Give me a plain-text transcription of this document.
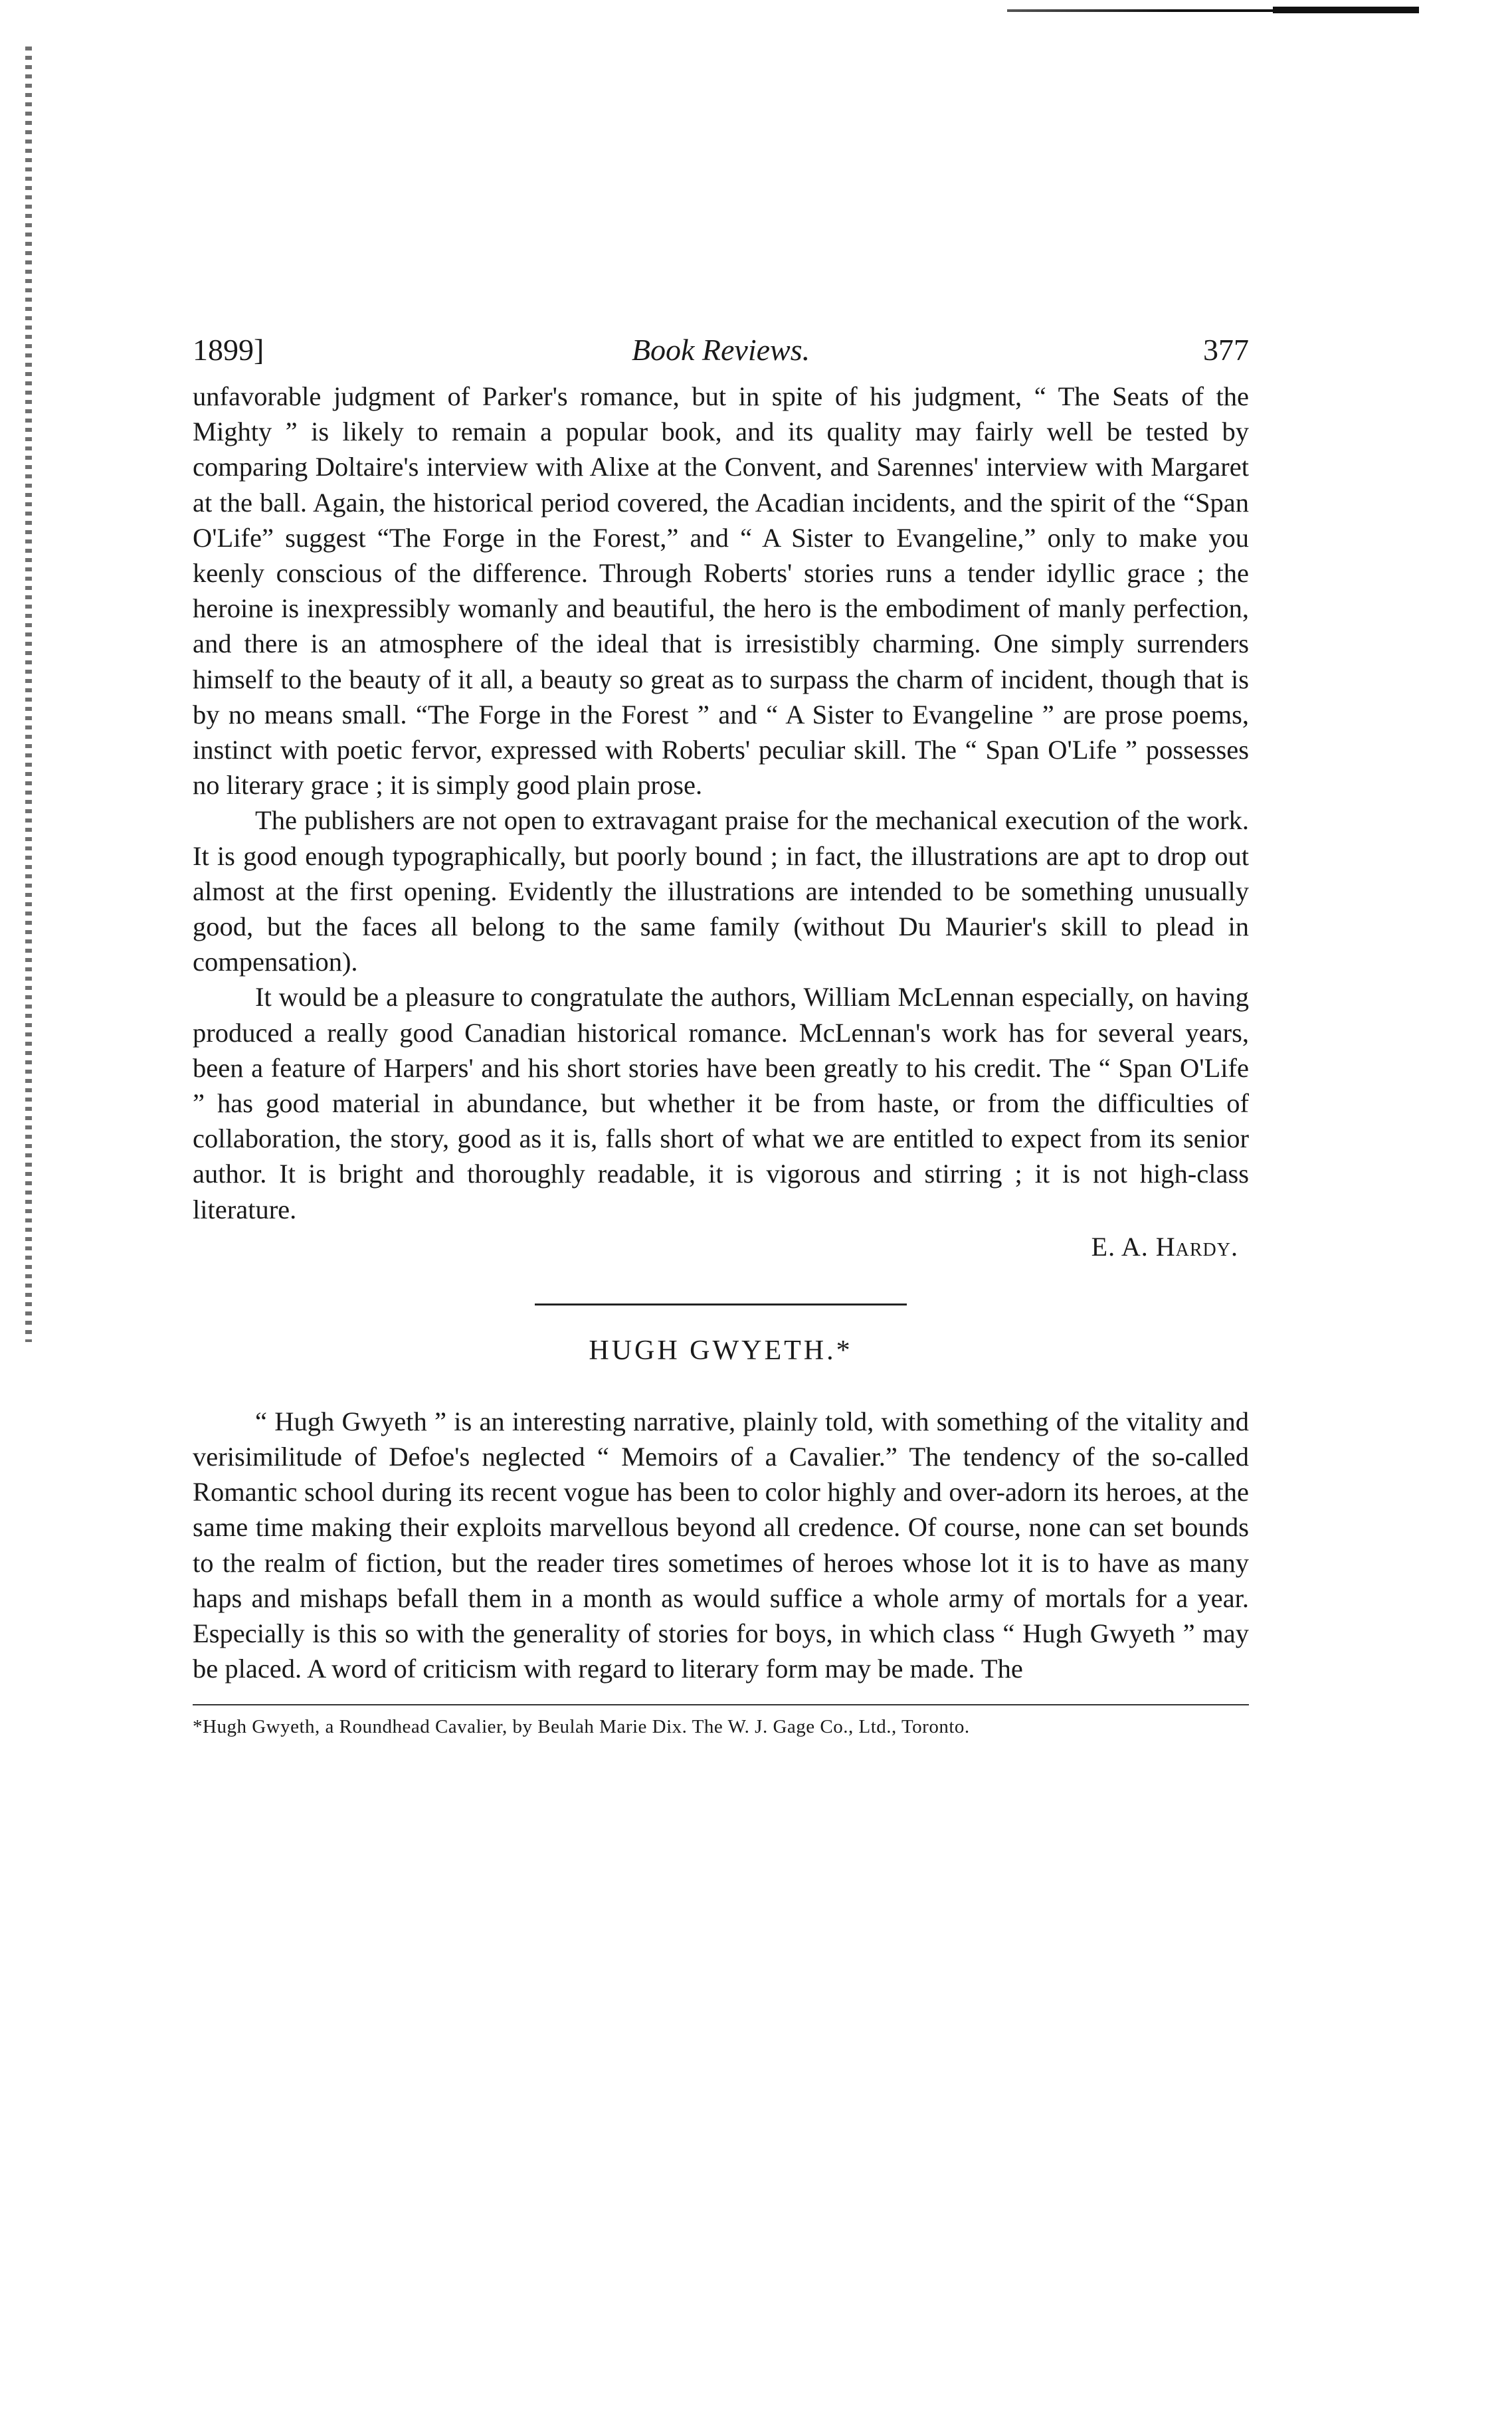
1899]	Book Reviews.	377

unfavorable judgment of Parker's romance, but in spite of his judgment, “ The Seats of the Mighty ” is likely to remain a popular book, and its quality may fairly well be tested by comparing Doltaire's interview with Alixe at the Convent, and Sarennes' interview with Margaret at the ball. Again, the historical period covered, the Acadian incidents, and the spirit of the “Span O'Life” suggest “The Forge in the Forest,” and “ A Sister to Evangeline,” only to make you keenly conscious of the difference. Through Roberts' stories runs a tender idyllic grace ; the heroine is inexpressibly womanly and beautiful, the hero is the embodiment of manly perfection, and there is an atmosphere of the ideal that is irresistibly charming. One simply surrenders himself to the beauty of it all, a beauty so great as to surpass the charm of incident, though that is by no means small. “The Forge in the Forest ” and “ A Sister to Evangeline ” are prose poems, instinct with poetic fervor, expressed with Roberts' peculiar skill. The “ Span O'Life ” possesses no literary grace ; it is simply good plain prose.

The publishers are not open to extravagant praise for the mechanical execution of the work. It is good enough typographically, but poorly bound ; in fact, the illustrations are apt to drop out almost at the first opening. Evidently the illustrations are intended to be something unusually good, but the faces all belong to the same family (without Du Maurier's skill to plead in compensation).

It would be a pleasure to congratulate the authors, William McLennan especially, on having produced a really good Canadian historical romance. McLennan's work has for several years, been a feature of Harpers' and his short stories have been greatly to his credit. The “ Span O'Life ” has good material in abundance, but whether it be from haste, or from the difficulties of collaboration, the story, good as it is, falls short of what we are entitled to expect from its senior author. It is bright and thoroughly readable, it is vigorous and stirring ; it is not high-class literature.

E. A. Hardy.
HUGH GWYETH.*

“ Hugh Gwyeth ” is an interesting narrative, plainly told, with something of the vitality and verisimilitude of Defoe's neglected “ Memoirs of a Cavalier.” The tendency of the so-called Romantic school during its recent vogue has been to color highly and over-adorn its heroes, at the same time making their exploits marvellous beyond all credence. Of course, none can set bounds to the realm of fiction, but the reader tires sometimes of heroes whose lot it is to have as many haps and mishaps befall them in a month as would suffice a whole army of mortals for a year. Especially is this so with the generality of stories for boys, in which class “ Hugh Gwyeth ” may be placed. A word of criticism with regard to literary form may be made. The

*Hugh Gwyeth, a Roundhead Cavalier, by Beulah Marie Dix. The W. J. Gage Co., Ltd., Toronto.
